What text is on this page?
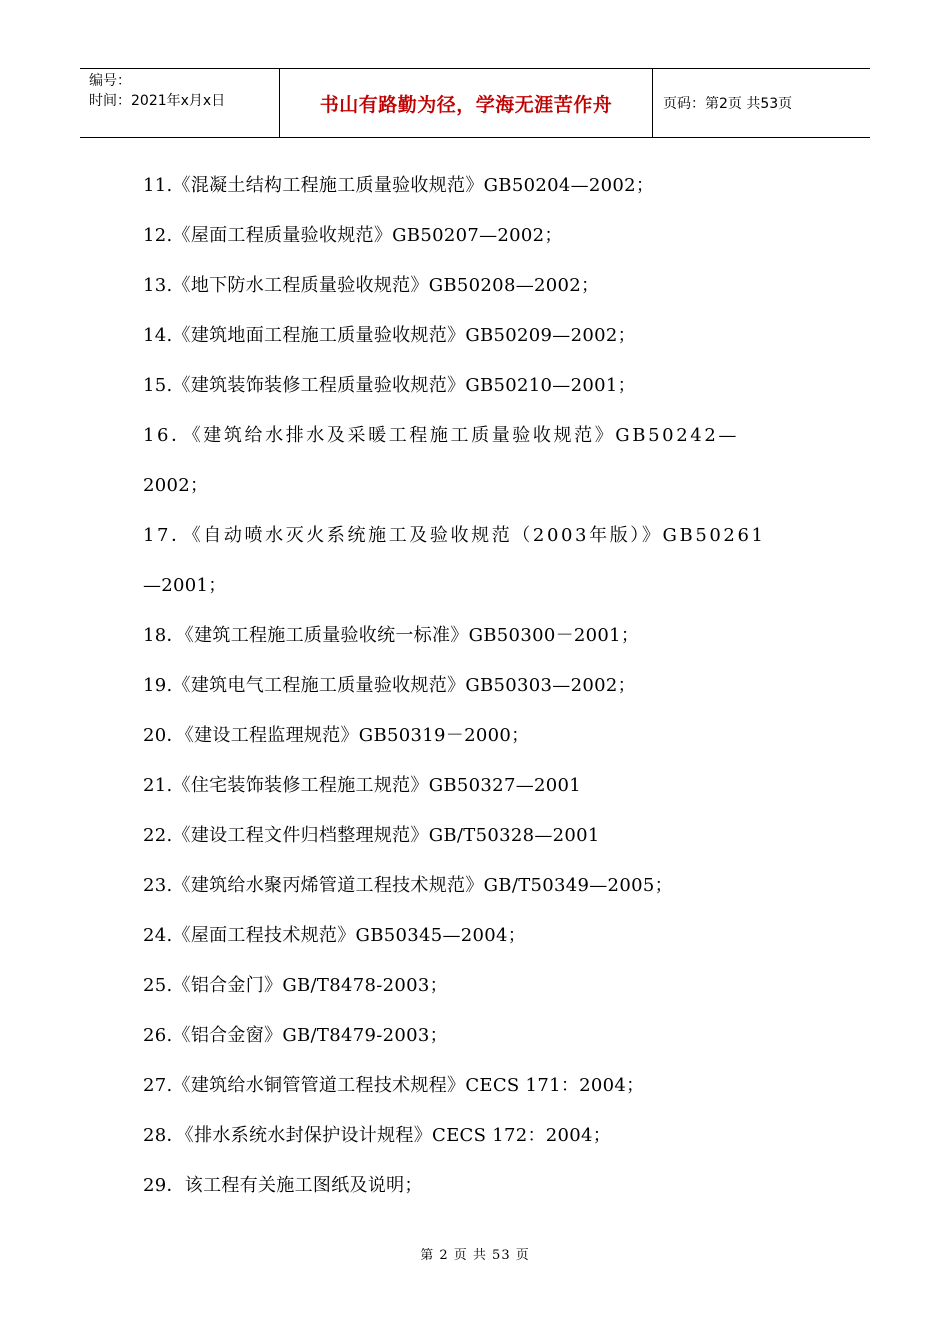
编号：
时间：2021年x月x日	书山有路勤为径，学海无涯苦作舟	页码：第2页 共53页
11.《混凝土结构工程施工质量验收规范》GB50204—2002；
12.《屋面工程质量验收规范》GB50207—2002；
13.《地下防水工程质量验收规范》GB50208—2002；
14.《建筑地面工程施工质量验收规范》GB50209—2002；
15.《建筑装饰装修工程质量验收规范》GB50210—2001；
16．《建筑给水排水及采暖工程施工质量验收规范》GB50242—
2002；
17．《自动喷水灭火系统施工及验收规范（2003年版）》GB50261
—2001；
18．《建筑工程施工质量验收统一标准》GB50300－2001；
19.《建筑电气工程施工质量验收规范》GB50303—2002；
20．《建设工程监理规范》GB50319－2000；
21.《住宅装饰装修工程施工规范》GB50327—2001
22.《建设工程文件归档整理规范》GB/T50328—2001
23.《建筑给水聚丙烯管道工程技术规范》GB/T50349—2005；
24.《屋面工程技术规范》GB50345—2004；
25.《铝合金门》GB/T8478-2003；
26.《铝合金窗》GB/T8479-2003；
27.《建筑给水铜管管道工程技术规程》CECS 171：2004；
28．《排水系统水封保护设计规程》CECS 172：2004；
29．该工程有关施工图纸及说明；
第 2 页 共 53 页
